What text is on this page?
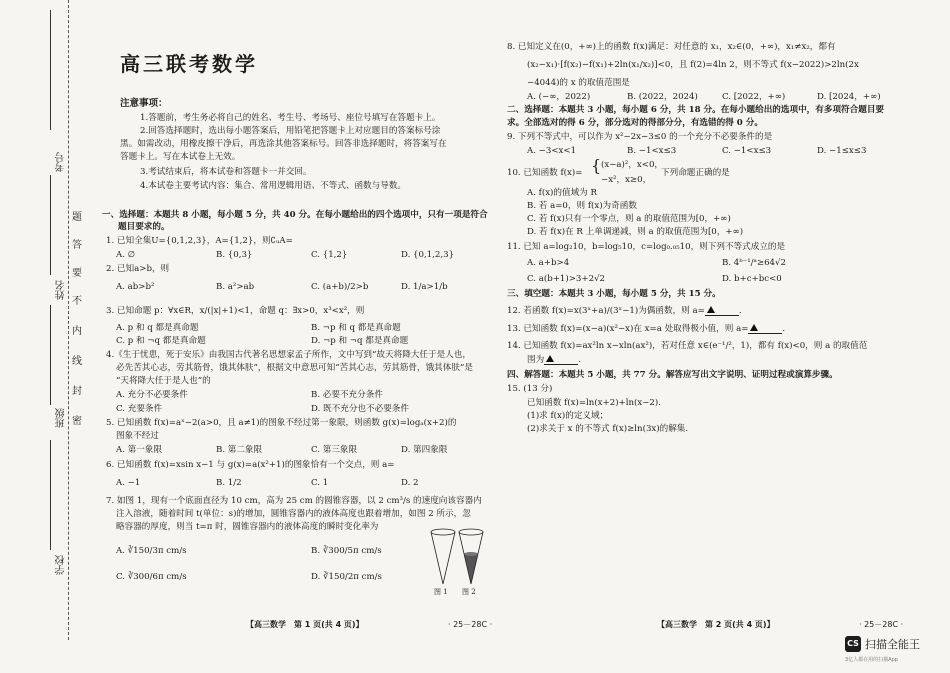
考号
姓名
班级
学校
题
答
要
不
内
线
封
密
高三联考数学
注意事项：
1.答题前，考生务必将自己的姓名、考生号、考场号、座位号填写在答题卡上。
2.回答选择题时，选出每小题答案后，用铅笔把答题卡上对应题目的答案标号涂
黑。如需改动，用橡皮擦干净后，再选涂其他答案标号。回答非选择题时，将答案写在
答题卡上。写在本试卷上无效。
3.考试结束后，将本试卷和答题卡一并交回。
4.本试卷主要考试内容：集合、常用逻辑用语、不等式、函数与导数。
一、选择题：本题共 8 小题，每小题 5 分，共 40 分。在每小题给出的四个选项中，只有一项是符合
题目要求的。
1. 已知全集U={0,1,2,3}，A={1,2}，则∁ᵤA=
A. ∅	B. {0,3}	C. {1,2}	D. {0,1,2,3}
2. 已知a>b，则
A. ab>b²	B. a²>ab	C. (a+b)/2>b	D. 1/a>1/b
3. 已知命题 p：∀x∈R，x/(|x|+1)<1，命题 q：∃x>0，x³<x²，则
A. p 和 q 都是真命题	B. ¬p 和 q 都是真命题
C. p 和 ¬q 都是真命题	D. ¬p 和 ¬q 都是真命题
4.《生于忧患，死于安乐》由我国古代著名思想家孟子所作，文中写到“故天将降大任于是人也，
必先苦其心志，劳其筋骨，饿其体肤”，根据文中意思可知“苦其心志，劳其筋骨，饿其体肤”是
“天将降大任于是人也”的
A. 充分不必要条件	B. 必要不充分条件
C. 充要条件	D. 既不充分也不必要条件
5. 已知函数 f(x)=aˣ−2(a>0，且 a≠1)的图象不经过第一象限，则函数 g(x)=logₐ(x+2)的
图象不经过
A. 第一象限	B. 第二象限	C. 第三象限	D. 第四象限
6. 已知函数 f(x)=xsin x−1 与 g(x)=a(x²+1)的图象恰有一个交点，则 a=
A. −1	B. 1/2	C. 1	D. 2
7. 如图 1，现有一个底面直径为 10 cm，高为 25 cm 的圆锥容器，以 2 cm³/s 的速度向该容器内
注入溶液，随着时间 t(单位：s)的增加，圆锥容器内的液体高度也跟着增加，如图 2 所示，忽
略容器的厚度，则当 t=π 时，圆锥容器内的液体高度的瞬时变化率为
A. ∛150/3π cm/s	B. ∛300/5π cm/s
C. ∛300/6π cm/s	D. ∛150/2π cm/s
图 1 图 2
【高三数学　第 1 页(共 4 页)】	· 25－28C ·
8. 已知定义在(0，+∞)上的函数 f(x)满足：对任意的 x₁，x₂∈(0，+∞)，x₁≠x₂，都有
(x₂−x₁)·[f(x₂)−f(x₁)+2ln(x₁/x₂)]<0，且 f(2)=4ln 2，则不等式 f(x−2022)>2ln(2x
−4044)的 x 的取值范围是
A. (−∞，2022)	B. (2022，2024)	C. [2022，+∞)	D. [2024，+∞)
二、选择题：本题共 3 小题，每小题 6 分，共 18 分。在每小题给出的选项中，有多项符合题目要
求。全部选对的得 6 分，部分选对的得部分分，有选错的得 0 分。
9. 下列不等式中，可以作为 x²−2x−3≤0 的一个充分不必要条件的是
A. −3<x<1	B. −1<x≤3	C. −1<x≤3	D. −1≤x≤3
10. 已知函数 f(x)= { (x−a)²，x<0，
−x²，x≥0，
下列命题正确的是
A. f(x)的值域为 R
B. 若 a=0，则 f(x)为奇函数
C. 若 f(x)只有一个零点，则 a 的取值范围为[0，+∞)
D. 若 f(x)在 R 上单调递减，则 a 的取值范围为[0，+∞)
11. 已知 a=log₂10，b=log₅10，c=log₀.₀₅10，则下列不等式成立的是
A. a+b>4	B. 4ᵇ⁻¹/ᵃ≥64√2
C. a(b+1)>3+2√2	D. b+c+bc<0
三、填空题：本题共 3 小题，每小题 5 分，共 15 分。
12. 若函数 f(x)=x(3ˣ+a)/(3ˣ−1)为偶函数，则 a=	.
13. 已知函数 f(x)=(x−a)(x²−x)在 x=a 处取得极小值，则 a=	.
14. 已知函数 f(x)=ax²ln x−xln(ax²)，若对任意 x∈(e⁻¹/²，1)，都有 f(x)<0，则 a 的取值范
围为	.
四、解答题：本题共 5 小题，共 77 分。解答应写出文字说明、证明过程或演算步骤。
15. (13 分)
已知函数 f(x)=ln(x+2)+ln(x−2).
(1)求 f(x)的定义域；
(2)求关于 x 的不等式 f(x)≥ln(3x)的解集.
【高三数学　第 2 页(共 4 页)】	· 25－28C ·
CS 扫描全能王
3亿人都在用的扫描App
